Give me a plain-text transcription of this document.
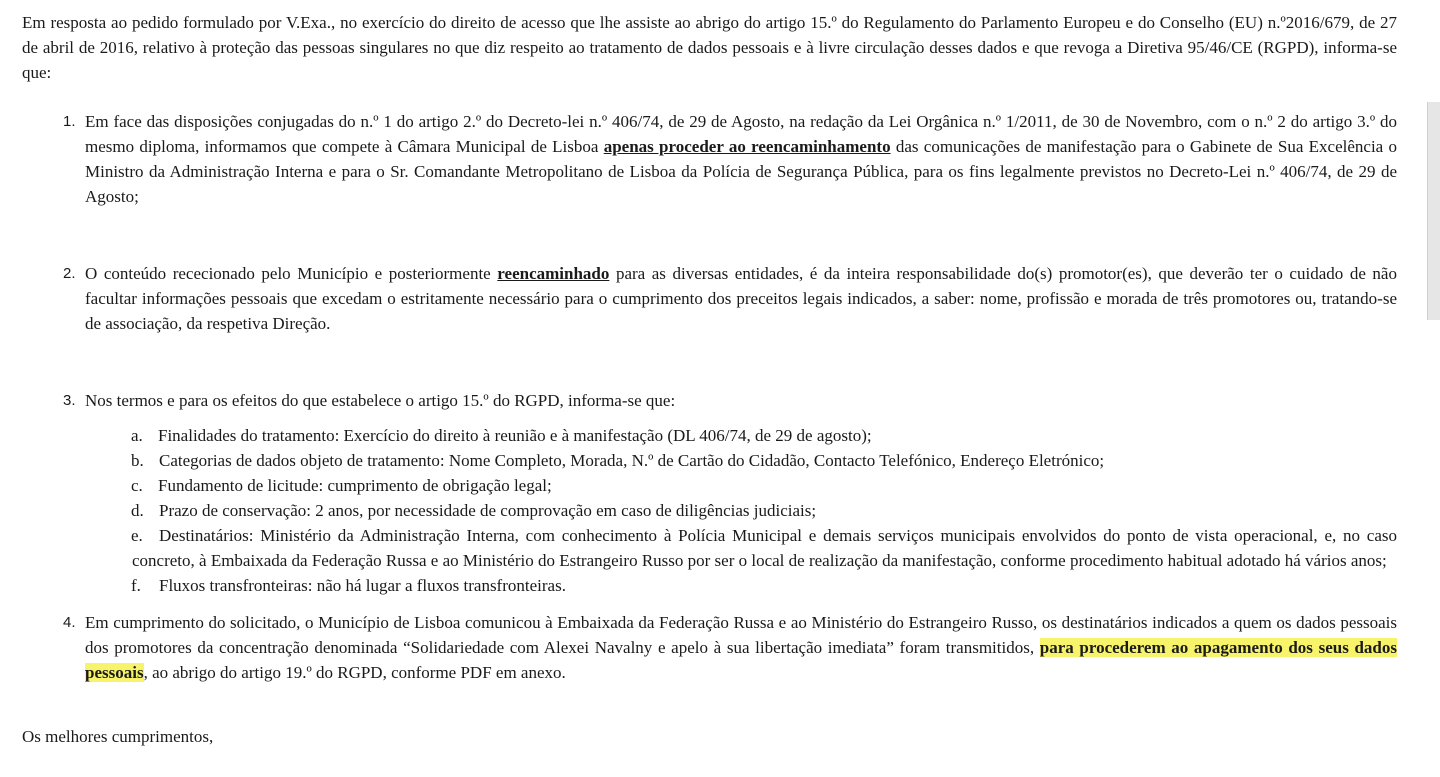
Em resposta ao pedido formulado por V.Exa., no exercício do direito de acesso que lhe assiste ao abrigo do artigo 15.º do Regulamento do Parlamento Europeu e do Conselho (EU) n.º2016/679, de 27 de abril de 2016, relativo à proteção das pessoas singulares no que diz respeito ao tratamento de dados pessoais e à livre circulação desses dados e que revoga a Diretiva 95/46/CE (RGPD), informa-se que:

1. Em face das disposições conjugadas do n.º 1 do artigo 2.º do Decreto-lei n.º 406/74, de 29 de Agosto, na redação da Lei Orgânica n.º 1/2011, de 30 de Novembro, com o n.º 2 do artigo 3.º do mesmo diploma, informamos que compete à Câmara Municipal de Lisboa apenas proceder ao reencaminhamento das comunicações de manifestação para o Gabinete de Sua Excelência o Ministro da Administração Interna e para o Sr. Comandante Metropolitano de Lisboa da Polícia de Segurança Pública, para os fins legalmente previstos no Decreto-Lei n.º 406/74, de 29 de Agosto;
2. O conteúdo rececionado pelo Município e posteriormente reencaminhado para as diversas entidades, é da inteira responsabilidade do(s) promotor(es), que deverão ter o cuidado de não facultar informações pessoais que excedam o estritamente necessário para o cumprimento dos preceitos legais indicados, a saber: nome, profissão e morada de três promotores ou, tratando-se de associação, da respetiva Direção.
3. Nos termos e para os efeitos do que estabelece o artigo 15.º do RGPD, informa-se que:
a. Finalidades do tratamento: Exercício do direito à reunião e à manifestação (DL 406/74, de 29 de agosto);
b. Categorias de dados objeto de tratamento: Nome Completo, Morada, N.º de Cartão do Cidadão, Contacto Telefónico, Endereço Eletrónico;
c. Fundamento de licitude: cumprimento de obrigação legal;
d. Prazo de conservação: 2 anos, por necessidade de comprovação em caso de diligências judiciais;
e. Destinatários: Ministério da Administração Interna, com conhecimento à Polícia Municipal e demais serviços municipais envolvidos do ponto de vista operacional, e, no caso concreto, à Embaixada da Federação Russa e ao Ministério do Estrangeiro Russo por ser o local de realização da manifestação, conforme procedimento habitual adotado há vários anos;
f.	Fluxos transfronteiras: não há lugar a fluxos transfronteiras.
4. Em cumprimento do solicitado, o Município de Lisboa comunicou à Embaixada da Federação Russa e ao Ministério do Estrangeiro Russo, os destinatários indicados a quem os dados pessoais dos promotores da concentração denominada “Solidariedade com Alexei Navalny e apelo à sua libertação imediata” foram transmitidos, para procederem ao apagamento dos seus dados pessoais, ao abrigo do artigo 19.º do RGPD, conforme PDF em anexo.

Os melhores cumprimentos,
